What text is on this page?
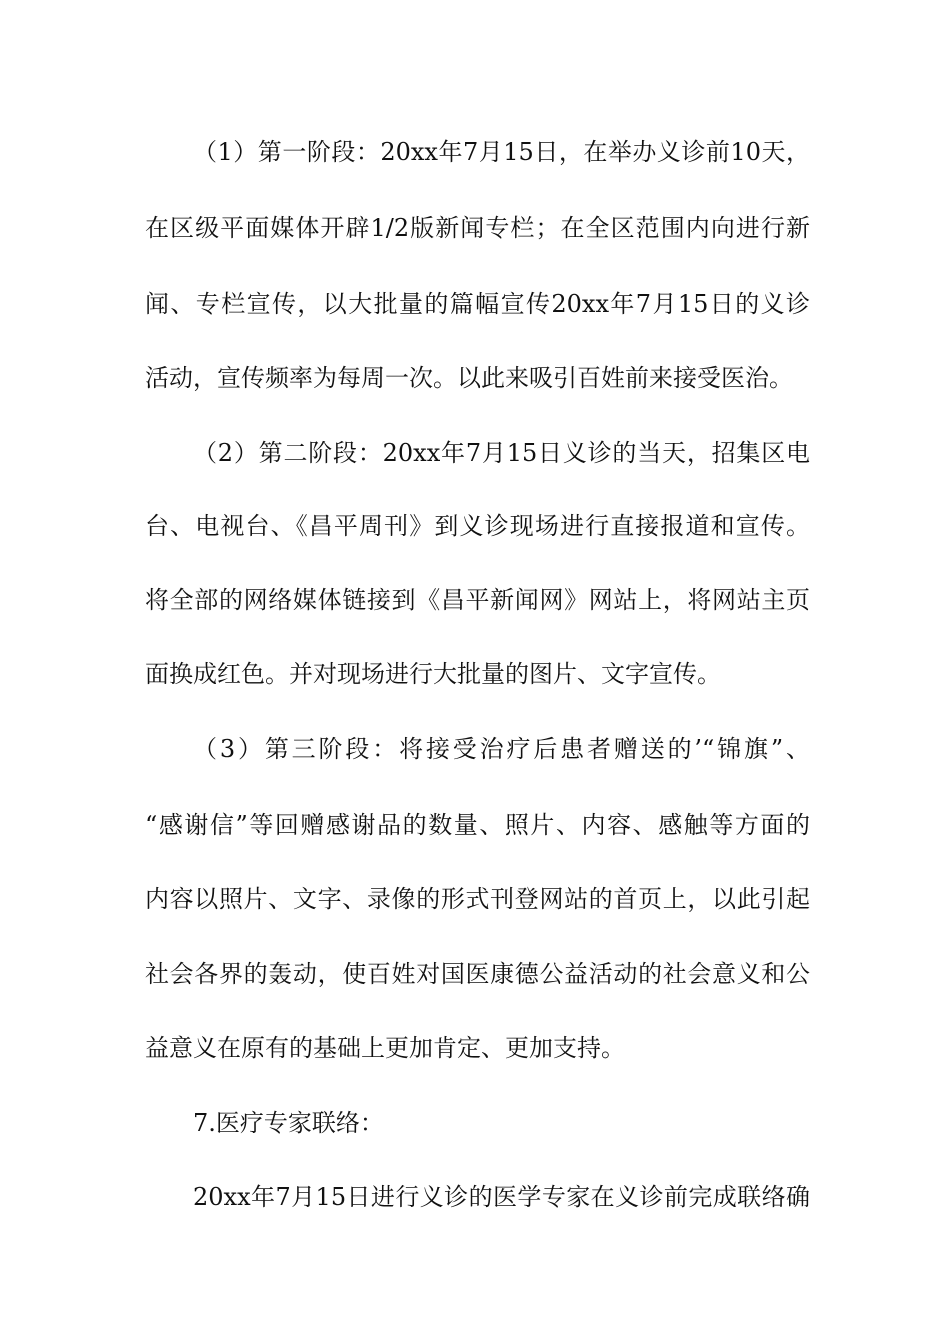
（1）第一阶段：20xx年7月15日，在举办义诊前10天，
在区级平面媒体开辟1/2版新闻专栏；在全区范围内向进行新
闻、专栏宣传，以大批量的篇幅宣传20xx年7月15日的义诊
活动，宣传频率为每周一次。以此来吸引百姓前来接受医治。
（2）第二阶段：20xx年7月15日义诊的当天，招集区电
台、电视台、《昌平周刊》到义诊现场进行直接报道和宣传。
将全部的网络媒体链接到《昌平新闻网》网站上，将网站主页
面换成红色。并对现场进行大批量的图片、文字宣传。
（3）第三阶段：将接受治疗后患者赠送的’“锦旗”、
“感谢信”等回赠感谢品的数量、照片、内容、感触等方面的
内容以照片、文字、录像的形式刊登网站的首页上，以此引起
社会各界的轰动，使百姓对国医康德公益活动的社会意义和公
益意义在原有的基础上更加肯定、更加支持。
7.医疗专家联络：
20xx年7月15日进行义诊的医学专家在义诊前完成联络确
